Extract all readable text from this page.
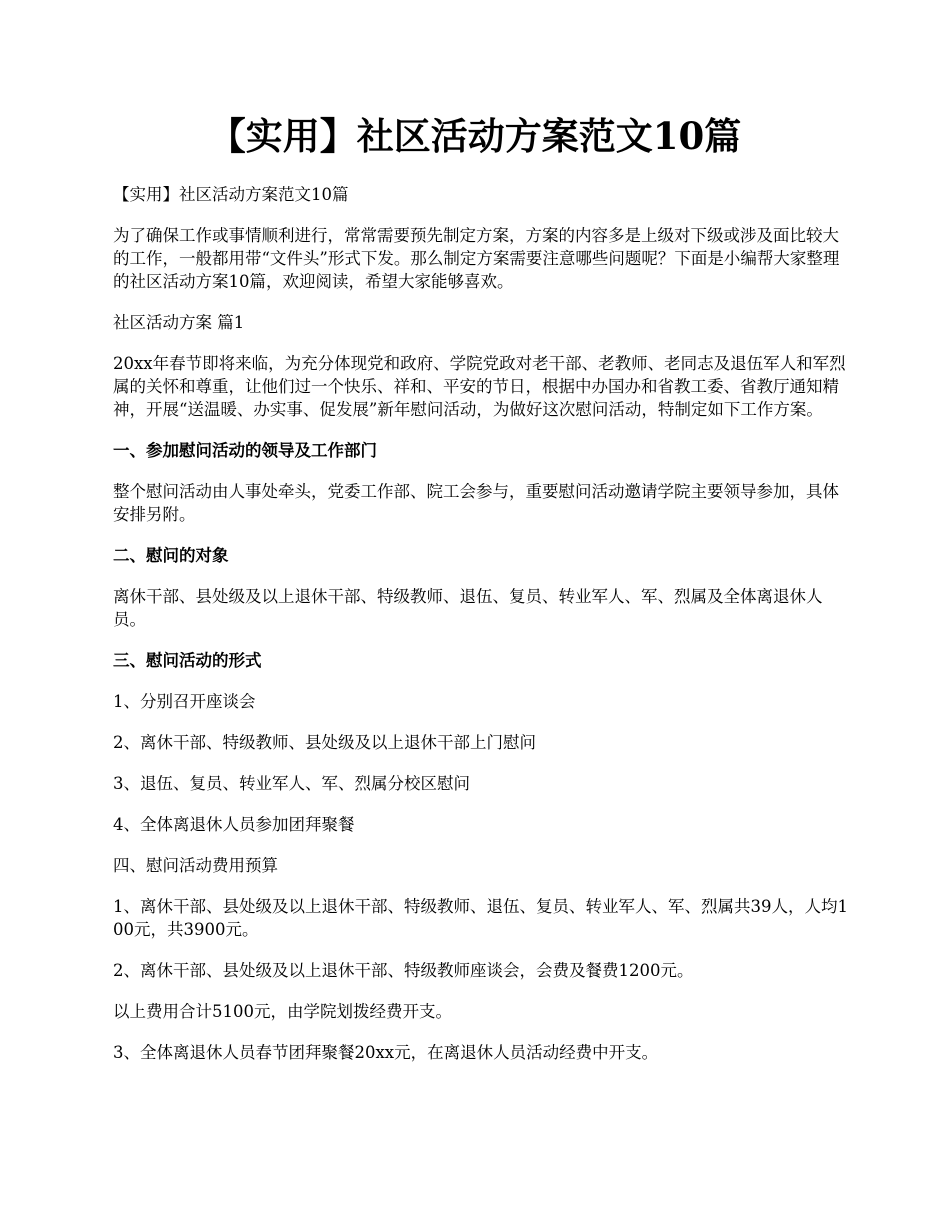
【实用】社区活动方案范文10篇

【实用】社区活动方案范文10篇

为了确保工作或事情顺利进行，常常需要预先制定方案，方案的内容多是上级对下级或涉及面比较大的工作，一般都用带“文件头”形式下发。那么制定方案需要注意哪些问题呢？下面是小编帮大家整理的社区活动方案10篇，欢迎阅读，希望大家能够喜欢。

社区活动方案 篇1

20xx年春节即将来临，为充分体现党和政府、学院党政对老干部、老教师、老同志及退伍军人和军烈属的关怀和尊重，让他们过一个快乐、祥和、平安的节日，根据中办国办和省教工委、省教厅通知精神，开展“送温暖、办实事、促发展”新年慰问活动，为做好这次慰问活动，特制定如下工作方案。

一、参加慰问活动的领导及工作部门

整个慰问活动由人事处牵头，党委工作部、院工会参与，重要慰问活动邀请学院主要领导参加，具体安排另附。

二、慰问的对象

离休干部、县处级及以上退休干部、特级教师、退伍、复员、转业军人、军、烈属及全体离退休人员。

三、慰问活动的形式

1、分别召开座谈会

2、离休干部、特级教师、县处级及以上退休干部上门慰问

3、退伍、复员、转业军人、军、烈属分校区慰问

4、全体离退休人员参加团拜聚餐

四、慰问活动费用预算

1、离休干部、县处级及以上退休干部、特级教师、退伍、复员、转业军人、军、烈属共39人，人均100元，共3900元。

2、离休干部、县处级及以上退休干部、特级教师座谈会，会费及餐费1200元。

以上费用合计5100元，由学院划拨经费开支。

3、全体离退休人员春节团拜聚餐20xx元，在离退休人员活动经费中开支。
